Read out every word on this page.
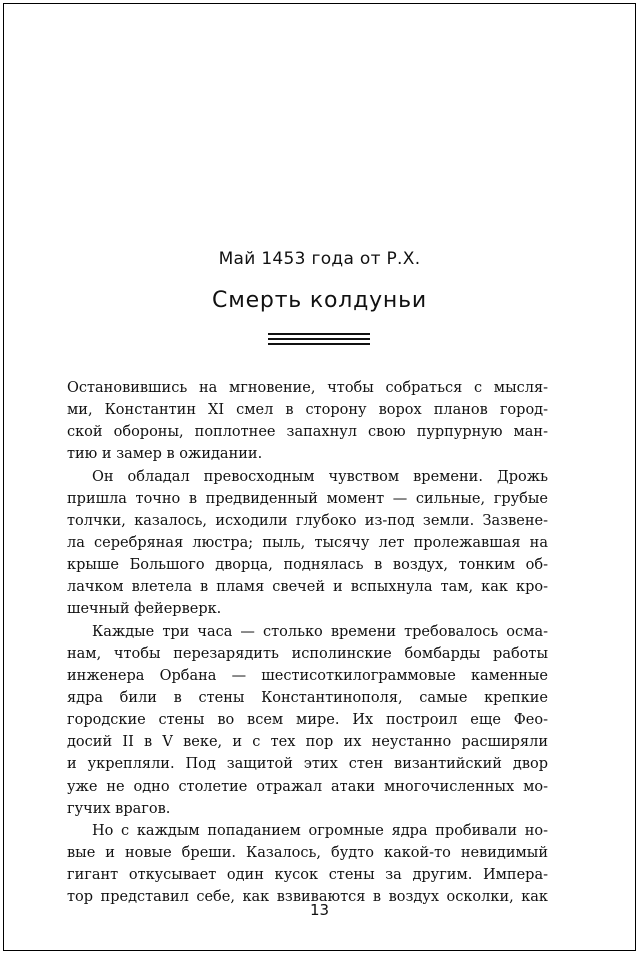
Май 1453 года от Р.Х.
Смерть колдуньи
Остановившись на мгновение, чтобы собраться с мысля-
ми, Константин XI смел в сторону ворох планов город-
ской обороны, поплотнее запахнул свою пурпурную ман-
тию и замер в ожидании.
Он обладал превосходным чувством времени. Дрожь
пришла точно в предвиденный момент — сильные, грубые
толчки, казалось, исходили глубоко из-под земли. Зазвене-
ла серебряная люстра; пыль, тысячу лет пролежавшая на
крыше Большого дворца, поднялась в воздух, тонким об-
лачком влетела в пламя свечей и вспыхнула там, как кро-
шечный фейерверк.
Каждые три часа — столько времени требовалось осма-
нам, чтобы перезарядить исполинские бомбарды работы
инженера Орбана — шестисоткилограммовые каменные
ядра били в стены Константинополя, самые крепкие
городские стены во всем мире. Их построил еще Феo-
досий II в V веке, и с тех пор их неустанно расширяли
и укрепляли. Под защитой этих стен византийский двор
уже не одно столетие отражал атаки многочисленных мо-
гучих врагов.
Но с каждым попаданием огромные ядра пробивали но-
вые и новые бреши. Казалось, будто какой-то невидимый
гигант откусывает один кусок стены за другим. Импера-
тор представил себе, как взвиваются в воздух осколки, как
13
